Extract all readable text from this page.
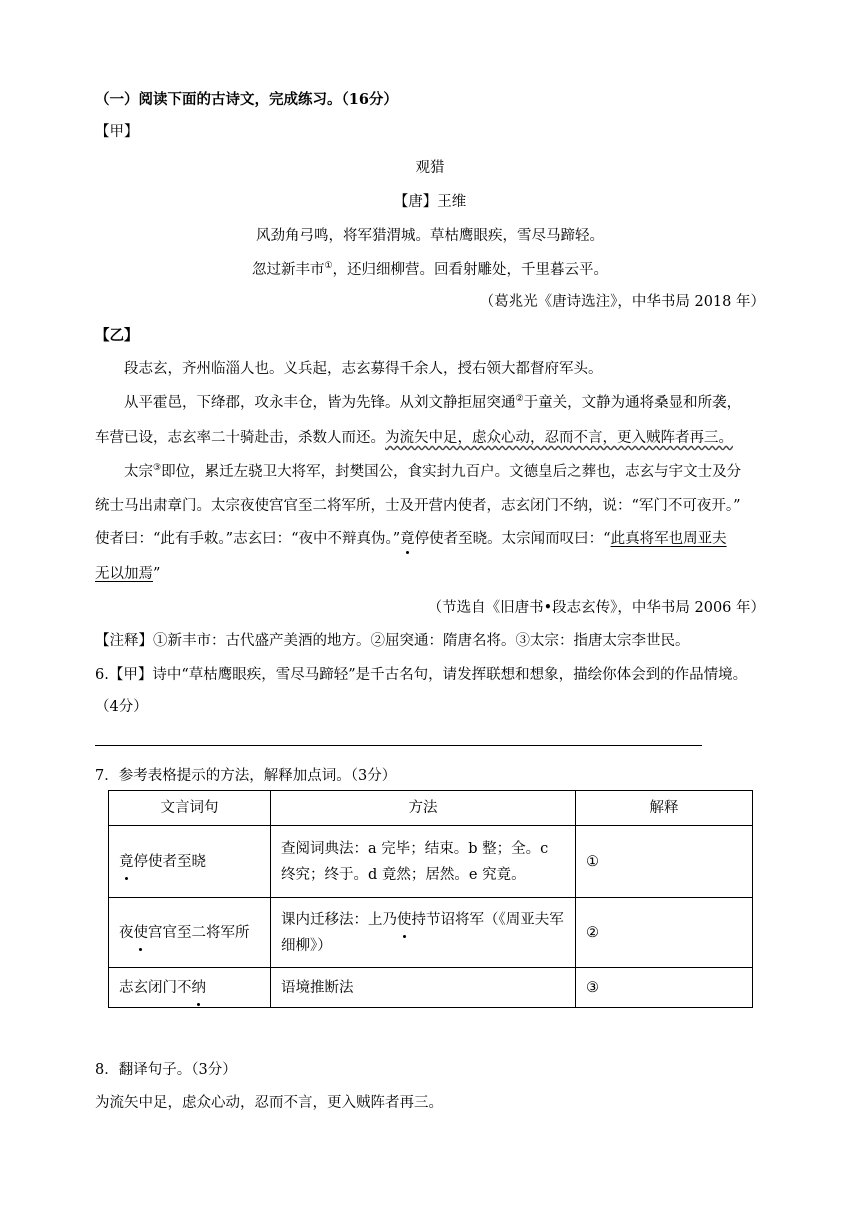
（一）阅读下面的古诗文，完成练习。（16分）
【甲】
观猎
【唐】王维
风劲角弓鸣，将军猎渭城。草枯鹰眼疾，雪尽马蹄轻。
忽过新丰市①，还归细柳营。回看射雕处，千里暮云平。
（葛兆光《唐诗选注》，中华书局 2018 年）
【乙】
段志玄，齐州临淄人也。义兵起，志玄募得千余人，授右领大都督府军头。
从平霍邑，下绛郡，攻永丰仓，皆为先锋。从刘文静拒屈突通②于童关，文静为通将桑显和所袭，
车营已设，志玄率二十骑赴击，杀数人而还。为流矢中足，虑众心动，忍而不言，更入贼阵者再三。
太宗③即位，累迁左骁卫大将军，封樊国公，食实封九百户。文德皇后之葬也，志玄与宇文士及分
统士马出肃章门。太宗夜使宫官至二将军所，士及开营内使者，志玄闭门不纳，说：“军门不可夜开。”
使者曰：“此有手敕。”志玄曰：“夜中不辩真伪。”竟停使者至晓。太宗闻而叹曰：“此真将军也周亚夫
无以加焉”
（节选自《旧唐书•段志玄传》，中华书局 2006 年）
【注释】①新丰市：古代盛产美酒的地方。②屈突通：隋唐名将。③太宗：指唐太宗李世民。
6.【甲】诗中“草枯鹰眼疾，雪尽马蹄轻”是千古名句，请发挥联想和想象，描绘你体会到的作品情境。
（4分）
7．参考表格提示的方法，解释加点词。（3分）
文言词句	方法	解释
竟停使者至晓	查阅词典法：a 完毕；结束。b 整；全。c 终究；终于。d 竟然；居然。e 究竟。	①
夜使宫官至二将军所	课内迁移法：上乃使持节诏将军（《周亚夫军细柳》）	②
志玄闭门不纳	语境推断法	③
8．翻译句子。（3分）
为流矢中足，虑众心动，忍而不言，更入贼阵者再三。
